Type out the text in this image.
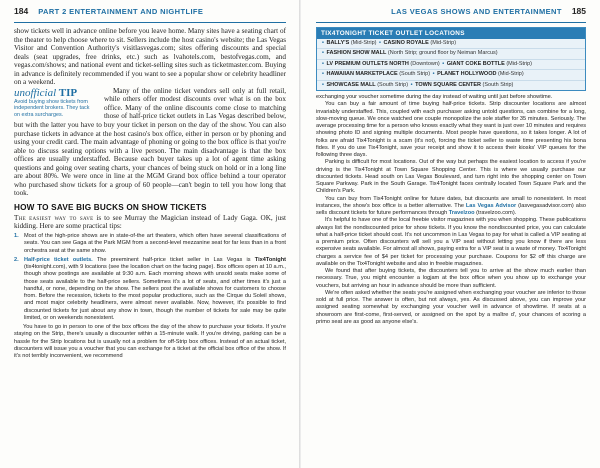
184 PART 2 ENTERTAINMENT AND NIGHTLIFE

show tickets well in advance online before you leave home. Many sites have a seating chart of the theater to help choose where to sit. Sellers include the host casino's website; the Las Vegas Visitor and Convention Authority's visitlasvegas.com; sites offering discounts and special deals (seat upgrades, free drinks, etc.) such as lvahotels.com, bestofvegas.com, and vegas.com/shows; and national event and ticket-selling sites such as ticketmaster.com. Buying in advance is definitely recommended if you want to see a popular show or celebrity headliner on a weekend.

unofficial TIP
Avoid buying show tickets from independent brokers. They tack on extra surcharges.

Many of the online ticket vendors sell only at full retail, while others offer modest discounts over what is on the box office. Many of the online discounts come close to matching those of half-price ticket outlets in Las Vegas described below, but with the latter you have to buy your ticket in person on the day of the show. You can also purchase tickets in advance at the host casino's box office, either in person or by phoning and using your credit card. The main advantage of phoning or going to the box office is that you're able to discuss seating options with a live person. The main disadvantage is that the box offices are usually understaffed. Because each buyer takes up a lot of agent time asking questions and going over seating charts, your chances of being stuck on hold or in a long line are about 80%. We were once in line at the MGM Grand box office behind a tour operator who purchased show tickets for a group of 60 people—can't begin to tell you how long that took.

HOW TO SAVE BIG BUCKS ON SHOW TICKETS

The easiest way to save is to see Murray the Magician instead of Lady Gaga. OK, just kidding. Here are some practical tips:

1. Most of the high-price shows are in state-of-the art theaters, which often have several classifications of seats. You can see Gaga at the Park MGM from a second-level mezzanine seat for far less than in a front orchestra seat at the same show.
2. Half-price ticket outlets. The preeminent half-price ticket seller in Las Vegas is Tix4Tonight (tix4tonight.com), with 9 locations (see the location chart on the facing page). Box offices open at 10 a.m., though show postings are available at 9:30 a.m. Each morning shows with unsold seats make some of those seats available to the half-price sellers. Sometimes it's a lot of seats, and other times it's just a handful, or none, depending on the show. The sellers post the available shows for customers to choose from. Before the recession, tickets to the most popular productions, such as the Cirque du Soleil shows, and most major celebrity headliners, were almost never available. Now, however, it's possible to find discounted tickets for just about any show in town, though the number of tickets for sale may be quite limited, or on weekends nonexistent.

You have to go in person to one of the box offices the day of the show to purchase your tickets. If you're staying on the Strip, there's usually a discounter within a 15-minute walk. If you're driving, parking can be a hassle for the Strip locations but is usually not a problem for off-Strip box offices. Instead of an actual ticket, discounters will issue you a voucher that you can exchange for a ticket at the official box office of the show. If it's not terribly inconvenient, we recommend

LAS VEGAS SHOWS AND ENTERTAINMENT 185
TIX4TONIGHT TICKET OUTLET LOCATIONS
• BALLY'S (Mid-Strip) • CASINO ROYALE (Mid-Strip)
• FASHION SHOW MALL (North Strip; ground floor by Neiman Marcus)
• LV PREMIUM OUTLETS NORTH (Downtown) • GIANT COKE BOTTLE (Mid-Strip)
• HAWAIIAN MARKETPLACE (South Strip) • PLANET HOLLYWOOD (Mid-Strip)
• SHOWCASE MALL (South Strip) • TOWN SQUARE CENTER (South Strip)

exchanging your voucher sometime during the day instead of waiting until just before showtime.

You can buy a fair amount of time buying half-price tickets. Strip discounter locations are almost invariably understaffed. This, coupled with each purchaser asking untold questions, can combine for a long, slow-moving queue. We once watched one couple monopolize the sole staffer for 35 minutes. Seriously. The average processing time for a person who knows exactly what they want is just over 10 minutes and requires showing photo ID and signing multiple documents. Most people have questions, so it takes longer. A lot of folks are afraid Tix4Tonight is a scam (it's not), forcing the ticket seller to waste time presenting his bona fides. If you do use Tix4Tonight, save your receipt and show it to access their kiosks' VIP queues for the following three days.

Parking is difficult for most locations. Out of the way but perhaps the easiest location to access if you're driving is the Tix4Tonight at Town Square Shopping Center. This is where we usually purchase our discounted tickets. Head south on Las Vegas Boulevard, and turn right into the shopping center on Town Square Parkway. Park in the South Garage. Tix4Tonight faces centrally located Town Square Park and the Children's Park.

You can buy from Tix4Tonight online for future dates, but discounts are small to nonexistent. In most instances, the show's box office is a better alternative. The Las Vegas Advisor (lasvegasadvisor.com) also sells discount tickets for future performances through Travelzoo (travelzoo.com).

It's helpful to have one of the local freebie visitor magazines with you when shopping. These publications always list the nondiscounted price for show tickets. If you know the nondiscounted price, you can calculate what a half-price ticket should cost. It's not uncommon in Las Vegas to pay for what is called a VIP seating at a premium price. Often discounters will sell you a VIP seat without letting you know if there are less expensive seats available. For almost all shows, paying extra for a VIP seat is a waste of money. Tix4Tonight charges a service fee of $4 per ticket for processing your purchase. Coupons for $2 off this charge are available on the Tix4Tonight website and also in freebie magazines.

We found that after buying tickets, the discounters tell you to arrive at the show much earlier than necessary. True, you might encounter a logjam at the box office when you show up to exchange your vouchers, but arriving an hour in advance should be more than sufficient.

We're often asked whether the seats you're assigned when exchanging your voucher are inferior to those sold at full price. The answer is often, but not always, yes. As discussed above, you can improve your assigned seating somewhat by exchanging your voucher well in advance of showtime. If seats at a showroom are first-come, first-served, or assigned on the spot by a maître d', your chances of scoring a primo seat are as good as anyone else's.
